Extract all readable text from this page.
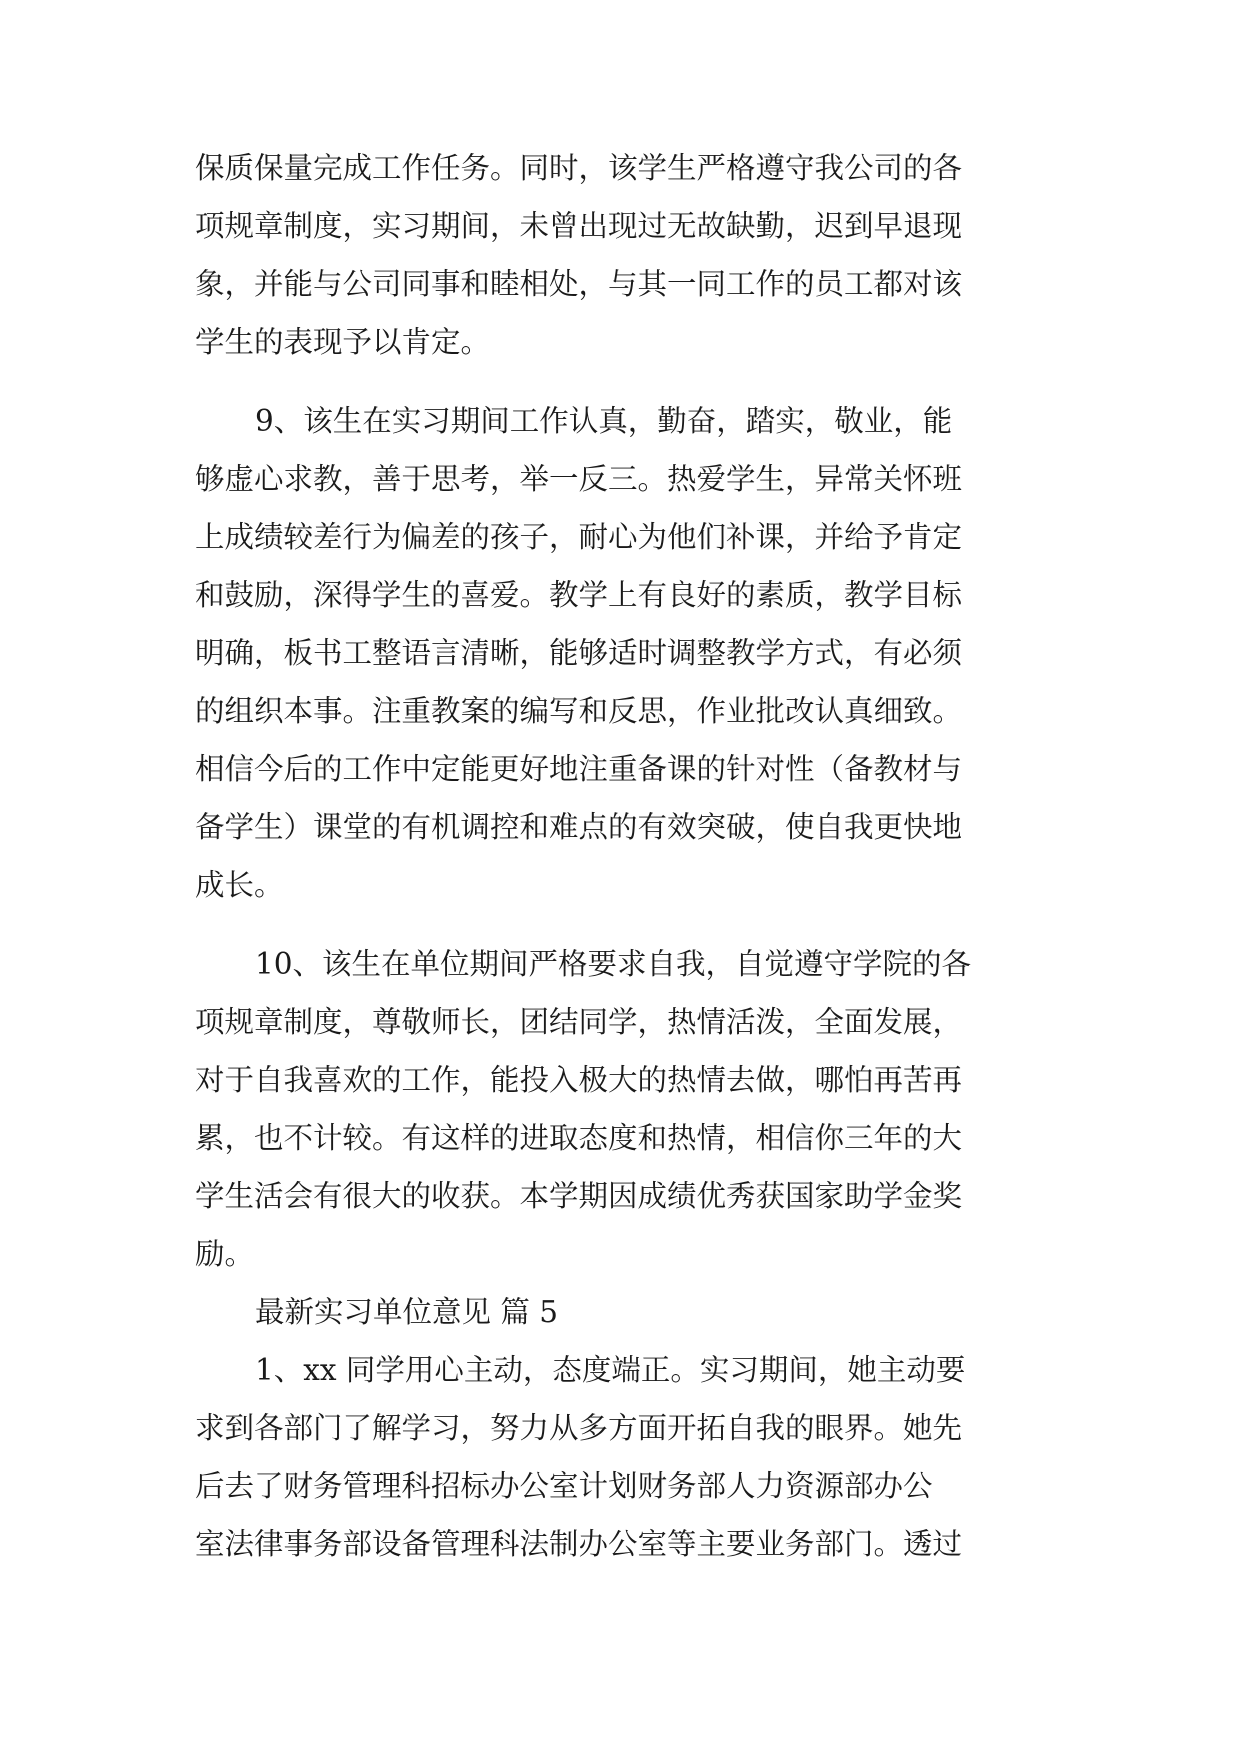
保质保量完成工作任务。同时，该学生严格遵守我公司的各
项规章制度，实习期间，未曾出现过无故缺勤，迟到早退现
象，并能与公司同事和睦相处，与其一同工作的员工都对该
学生的表现予以肯定。
9、该生在实习期间工作认真，勤奋，踏实，敬业，能
够虚心求教，善于思考，举一反三。热爱学生，异常关怀班
上成绩较差行为偏差的孩子，耐心为他们补课，并给予肯定
和鼓励，深得学生的喜爱。教学上有良好的素质，教学目标
明确，板书工整语言清晰，能够适时调整教学方式，有必须
的组织本事。注重教案的编写和反思，作业批改认真细致。
相信今后的工作中定能更好地注重备课的针对性（备教材与
备学生）课堂的有机调控和难点的有效突破，使自我更快地
成长。
10、该生在单位期间严格要求自我，自觉遵守学院的各
项规章制度，尊敬师长，团结同学，热情活泼，全面发展，
对于自我喜欢的工作，能投入极大的热情去做，哪怕再苦再
累，也不计较。有这样的进取态度和热情，相信你三年的大
学生活会有很大的收获。本学期因成绩优秀获国家助学金奖
励。
最新实习单位意见 篇 5
1、xx 同学用心主动，态度端正。实习期间，她主动要
求到各部门了解学习，努力从多方面开拓自我的眼界。她先
后去了财务管理科招标办公室计划财务部人力资源部办公
室法律事务部设备管理科法制办公室等主要业务部门。透过
